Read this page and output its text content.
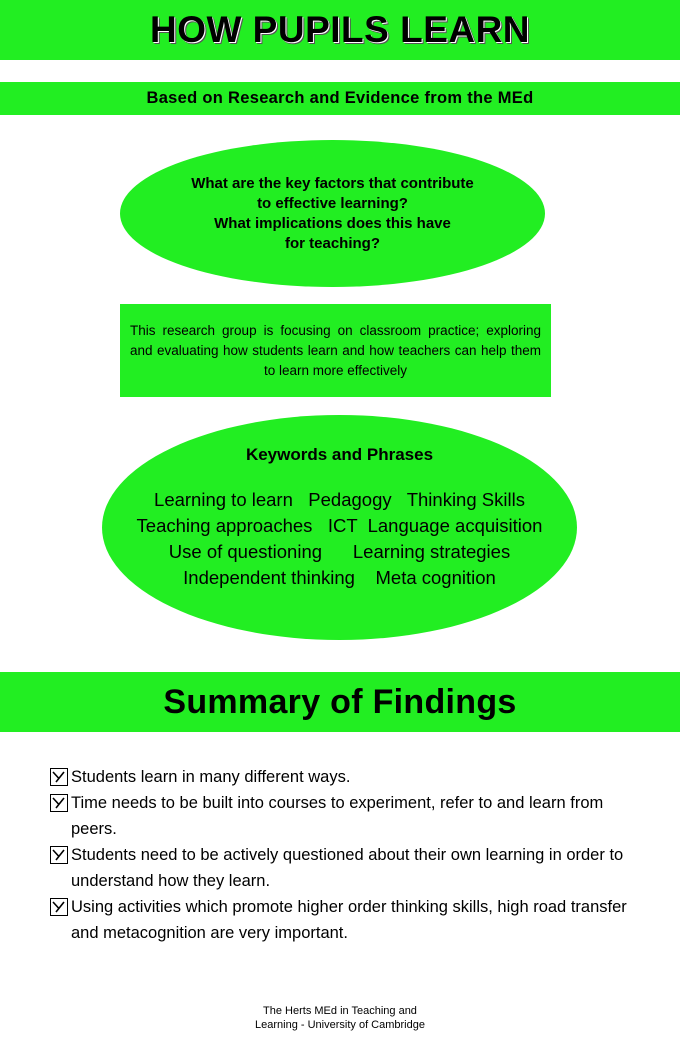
HOW PUPILS LEARN
Based on Research and Evidence from the MEd
What are the key factors that contribute
to effective learning?
What implications does this have
for teaching?
This research group is focusing on classroom practice; exploring and evaluating how students learn and how teachers can help them to learn more effectively
Keywords and Phrases
Learning to learn   Pedagogy   Thinking Skills
Teaching approaches   ICT  Language acquisition
Use of questioning      Learning strategies
Independent thinking    Meta cognition
Summary of Findings
Students learn in many different ways.
Time needs to be built into courses to experiment, refer to and learn from peers.
Students need to be actively questioned about their own learning in order to understand how they learn.
Using activities which promote higher order thinking skills, high road transfer and metacognition are very important.
The Herts MEd in Teaching and
Learning - University of Cambridge
